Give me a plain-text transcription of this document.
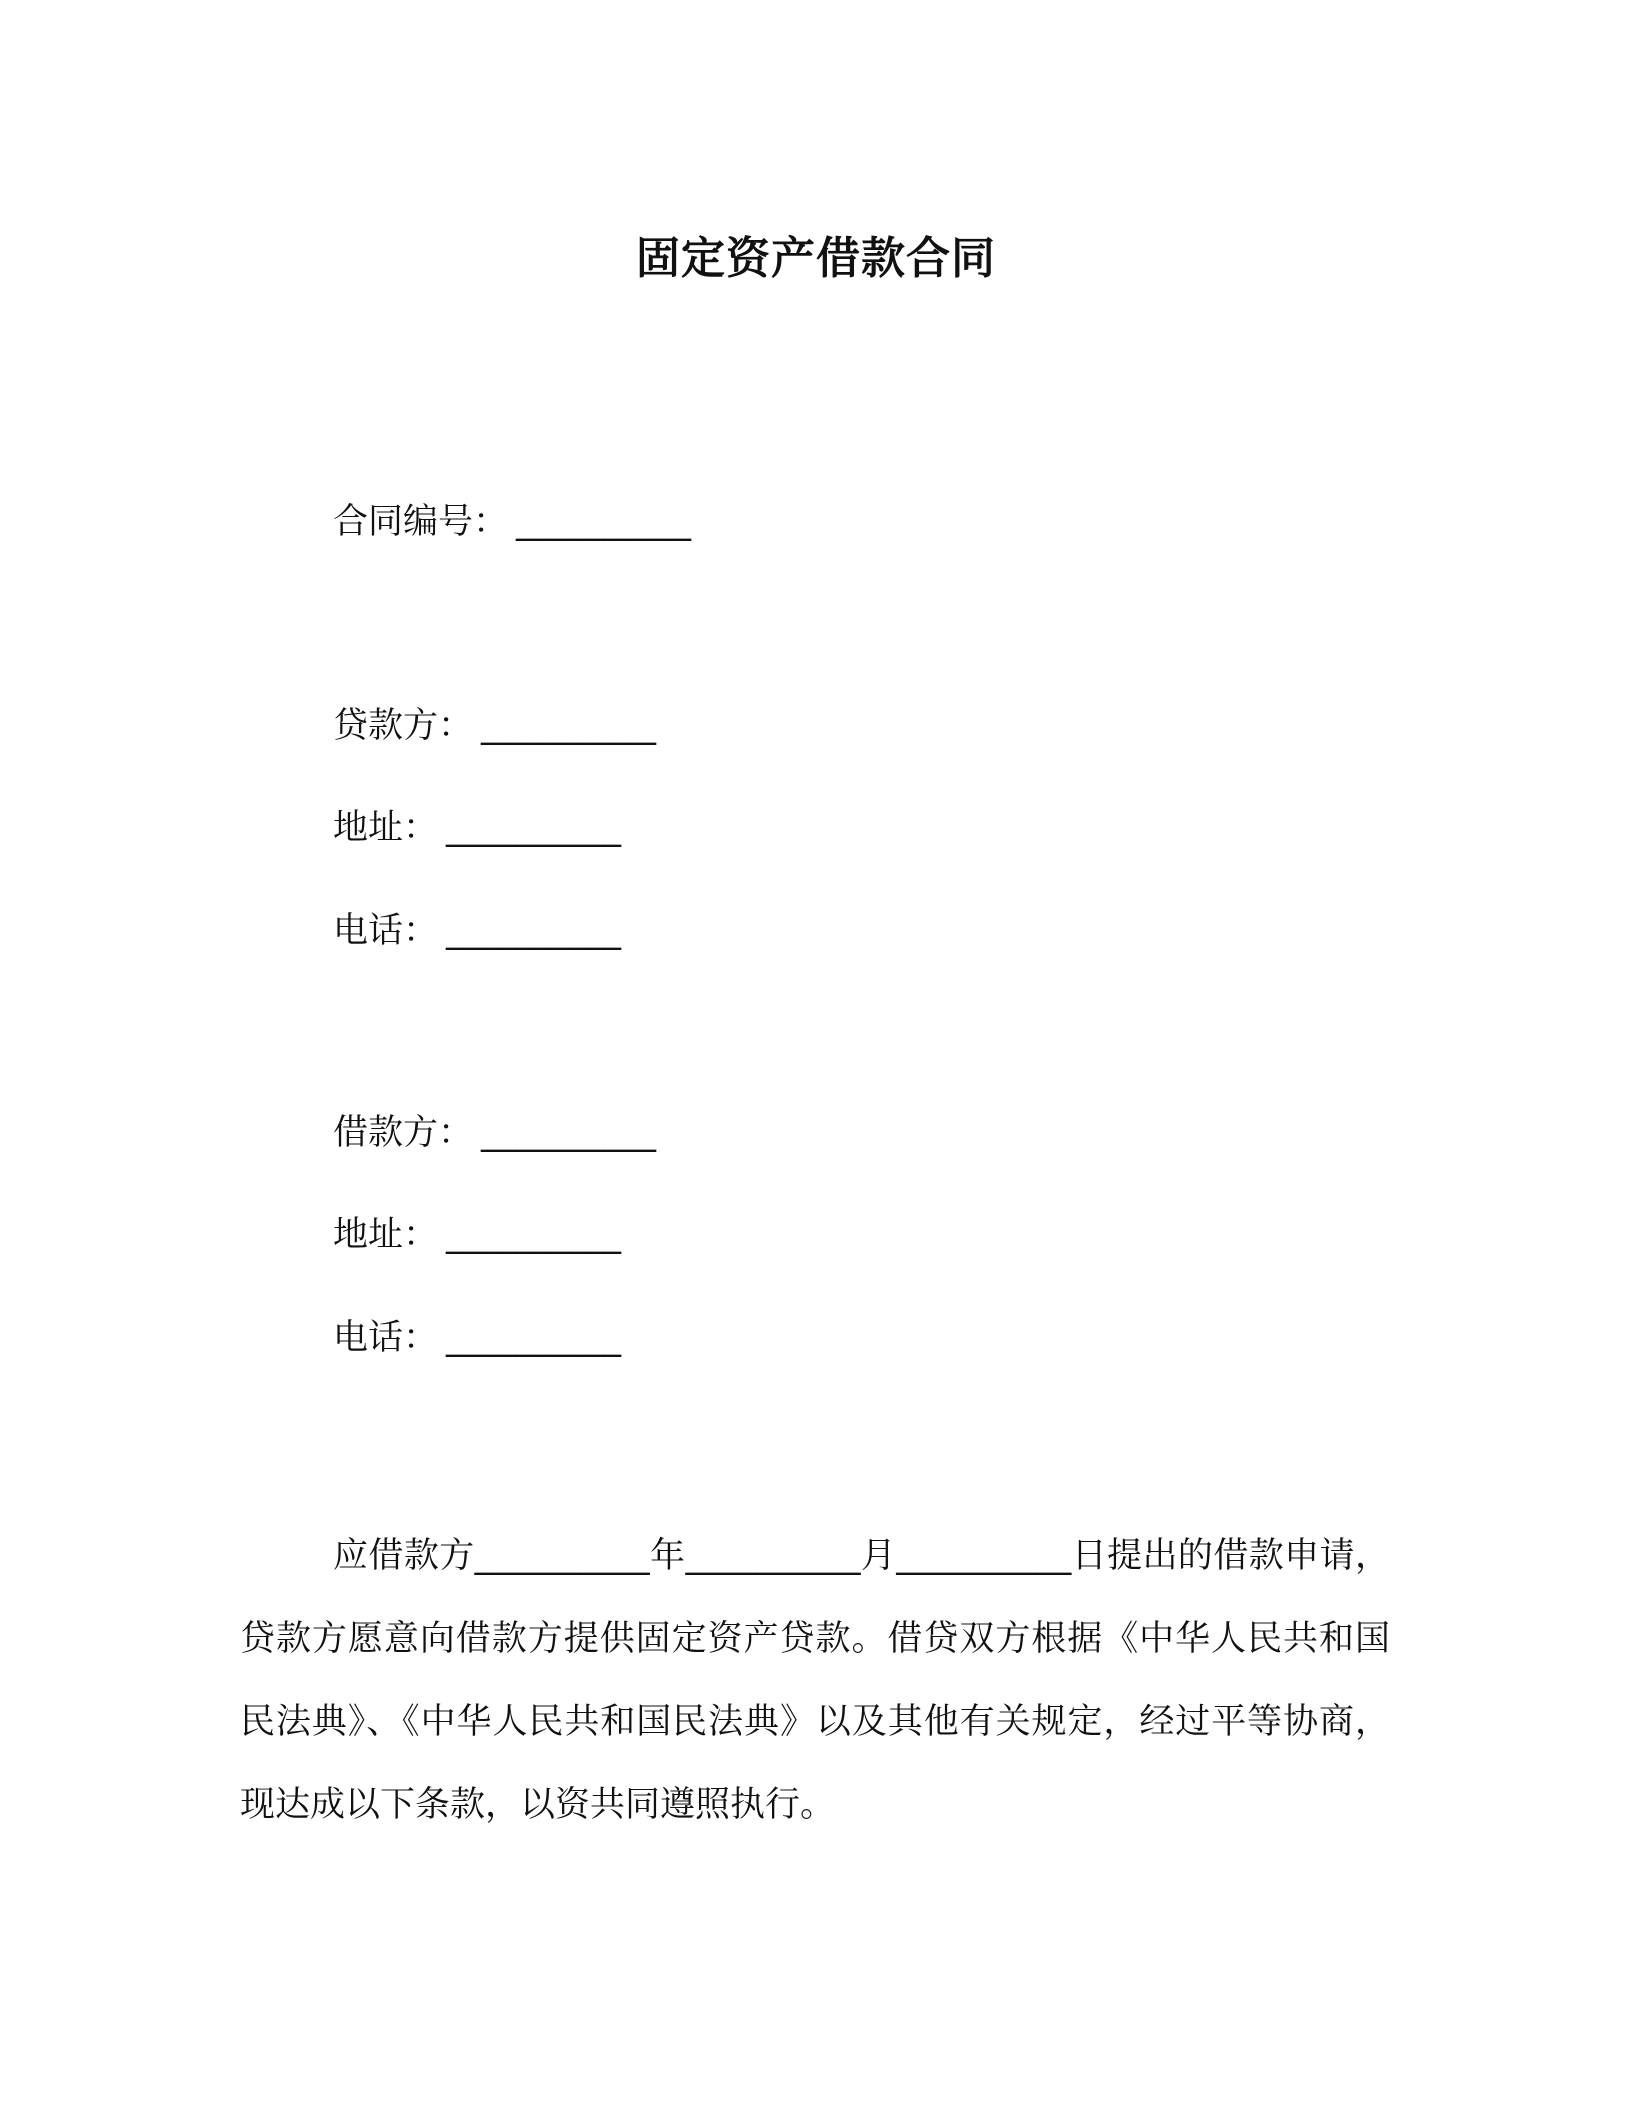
固定资产借款合同
合同编号： __________
贷款方： __________
地址： __________
电话： __________
借款方： __________
地址： __________
电话： __________
应借款方__________年__________月__________日提出的借款申请，贷款方愿意向借款方提供固定资产贷款。借贷双方根据《中华人民共和国民法典》、《中华人民共和国民法典》以及其他有关规定，经过平等协商，现达成以下条款，以资共同遵照执行。
